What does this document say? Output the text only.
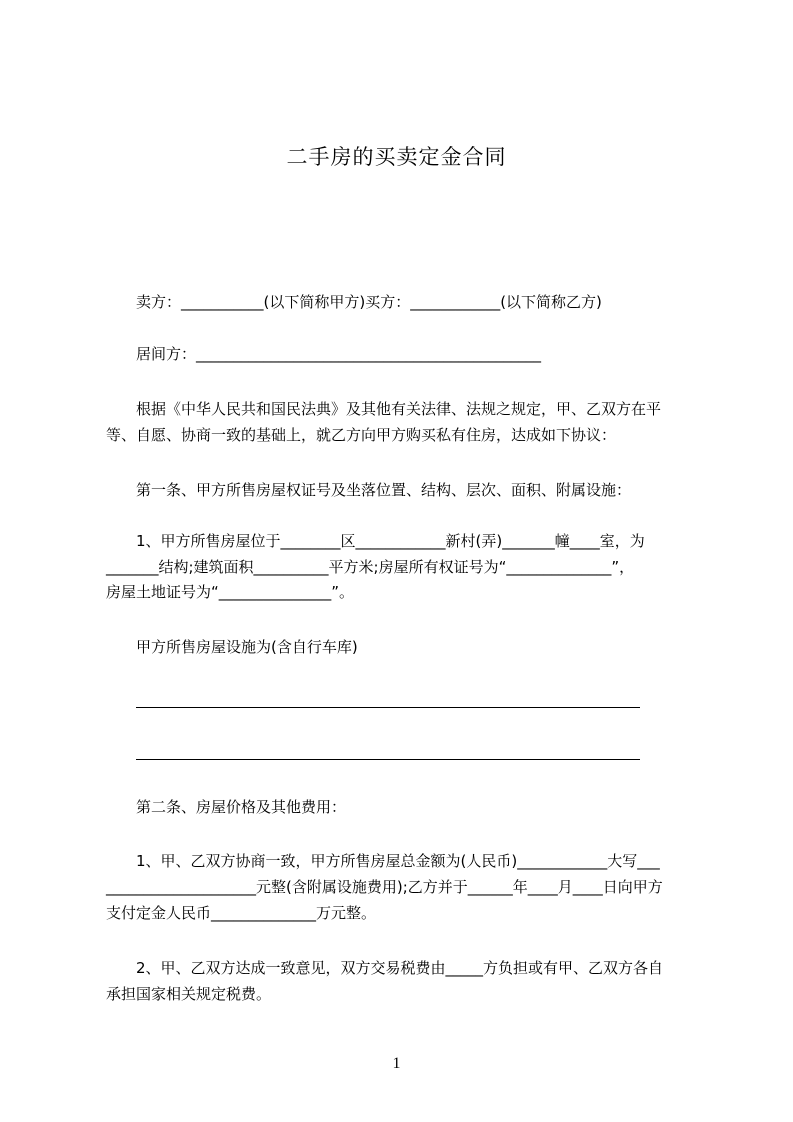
二手房的买卖定金合同
卖方：___________(以下简称甲方)买方：____________(以下简称乙方)
居间方：______________________________________________
根据《中华人民共和国民法典》及其他有关法律、法规之规定，甲、乙双方在平
等、自愿、协商一致的基础上，就乙方向甲方购买私有住房，达成如下协议：
第一条、甲方所售房屋权证号及坐落位置、结构、层次、面积、附属设施：
1、甲方所售房屋位于________区____________新村(弄)_______幢____室，为
_______结构;建筑面积__________平方米;房屋所有权证号为“______________”，
房屋土地证号为“_______________”。
甲方所售房屋设施为(含自行车库)
第二条、房屋价格及其他费用：
1、甲、乙双方协商一致，甲方所售房屋总金额为(人民币)____________大写___
____________________元整(含附属设施费用);乙方并于______年____月____日向甲方
支付定金人民币______________万元整。
2、甲、乙双方达成一致意见，双方交易税费由_____方负担或有甲、乙双方各自
承担国家相关规定税费。
1
